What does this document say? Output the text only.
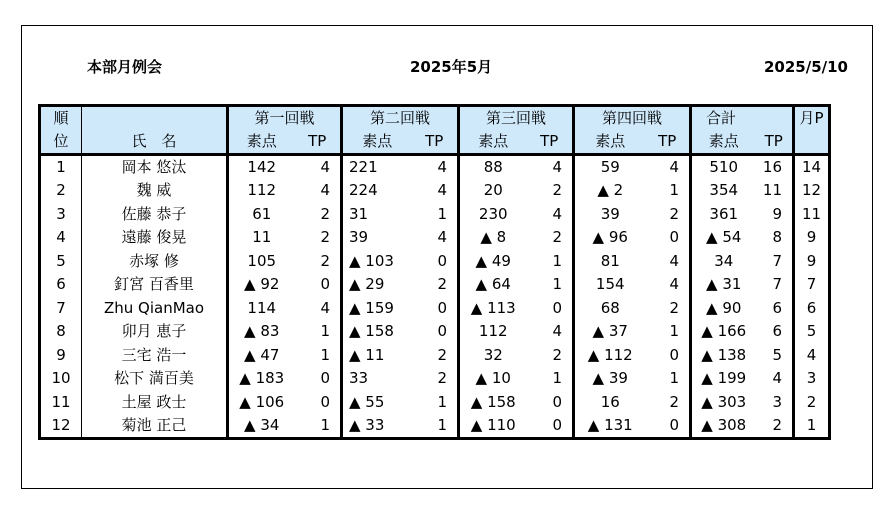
本部月例会	2025年5月	2025/5/10
順		第一回戦		第二回戦		第三回戦		第四回戦		合計		月P
位	氏　名	素点	TP	素点	TP	素点	TP	素点	TP	素点	TP	
1	岡本 悠汰	142	4	221	4	88	4	59	4	510	16	14
2	魏 威	112	4	224	4	20	2	▲ 2	1	354	11	12
3	佐藤 恭子	61	2	31	1	230	4	39	2	361	9	11
4	遠藤 俊晃	11	2	39	4	▲ 8	2	▲ 96	0	▲ 54	8	9
5	赤塚 修	105	2	▲ 103	0	▲ 49	1	81	4	34	7	9
6	釘宮 百香里	▲ 92	0	▲ 29	2	▲ 64	1	154	4	▲ 31	7	7
7	Zhu QianMao	114	4	▲ 159	0	▲ 113	0	68	2	▲ 90	6	6
8	卯月 恵子	▲ 83	1	▲ 158	0	112	4	▲ 37	1	▲ 166	6	5
9	三宅 浩一	▲ 47	1	▲ 11	2	32	2	▲ 112	0	▲ 138	5	4
10	松下 満百美	▲ 183	0	33	2	▲ 10	1	▲ 39	1	▲ 199	4	3
11	土屋 政士	▲ 106	0	▲ 55	1	▲ 158	0	16	2	▲ 303	3	2
12	菊池 正己	▲ 34	1	▲ 33	1	▲ 110	0	▲ 131	0	▲ 308	2	1
